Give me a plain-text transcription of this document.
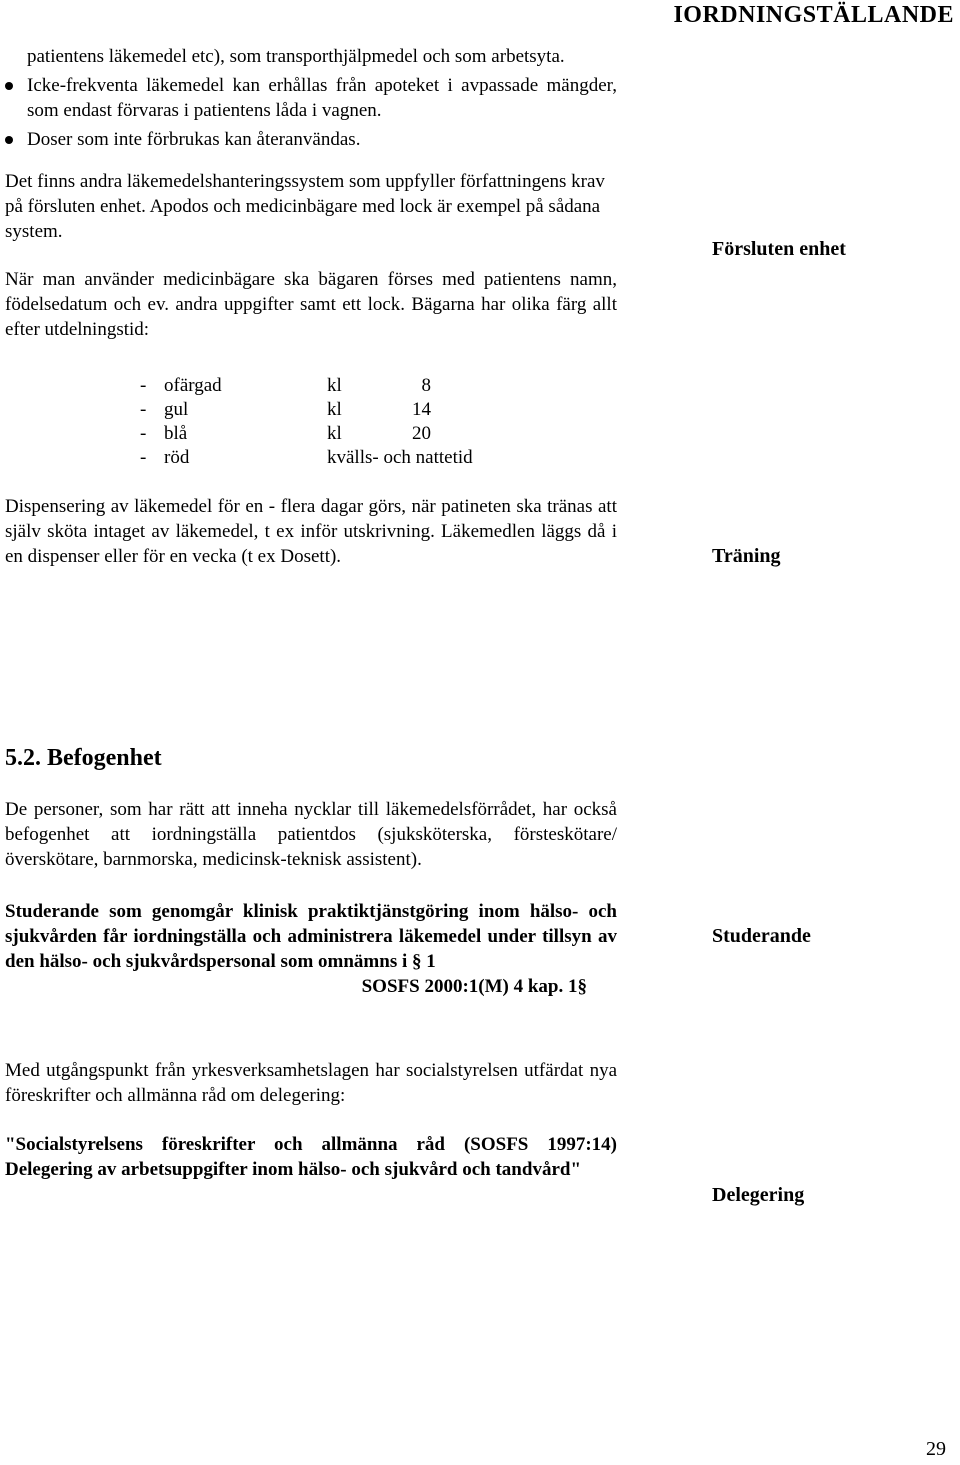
IORDNINGSTÄLLANDE

patientens läkemedel etc), som transporthjälpmedel och som arbetsyta.

Icke-frekventa läkemedel kan erhållas från apoteket i avpassade mängder, som endast förvaras i patientens låda i vagnen.
Doser som inte förbrukas kan återanvändas.

Det finns andra läkemedelshanteringssystem som uppfyller författningens krav på försluten enhet. Apodos och medicinbägare med lock är exempel på sådana system.

När man använder medicinbägare ska bägaren förses med patientens namn, födelsedatum och ev. andra uppgifter samt ett lock. Bägarna har olika färg allt efter utdelningstid:

- ofärgad	kl	8
- gul	kl	14
- blå	kl	20
- röd	kvälls- och nattetid

Dispensering av läkemedel för en - flera dagar görs, när patineten ska tränas att själv sköta intaget av läkemedel, t ex inför utskrivning. Läkemedlen läggs då i en dispenser eller för en vecka (t ex Dosett).

Försluten enhet
Träning
5.2. Befogenhet

De personer, som har rätt att inneha nycklar till läkemedelsförrådet, har också befogenhet att iordningställa patientdos (sjuksköterska, försteskötare/överskötare, barnmorska, medicinsk-teknisk assistent).

Studerande som genomgår klinisk praktiktjänstgöring inom hälso- och sjukvården får iordningställa och administrera läkemedel under tillsyn av den hälso- och sjukvårdspersonal som omnämns i § 1

SOSFS 2000:1(M) 4 kap. 1§

Med utgångspunkt från yrkesverksamhetslagen har socialstyrelsen utfärdat nya föreskrifter och allmänna råd om delegering:

"Socialstyrelsens föreskrifter och allmänna råd (SOSFS 1997:14) Delegering av arbetsuppgifter inom hälso- och sjukvård och tandvård"

Studerande
Delegering
29
